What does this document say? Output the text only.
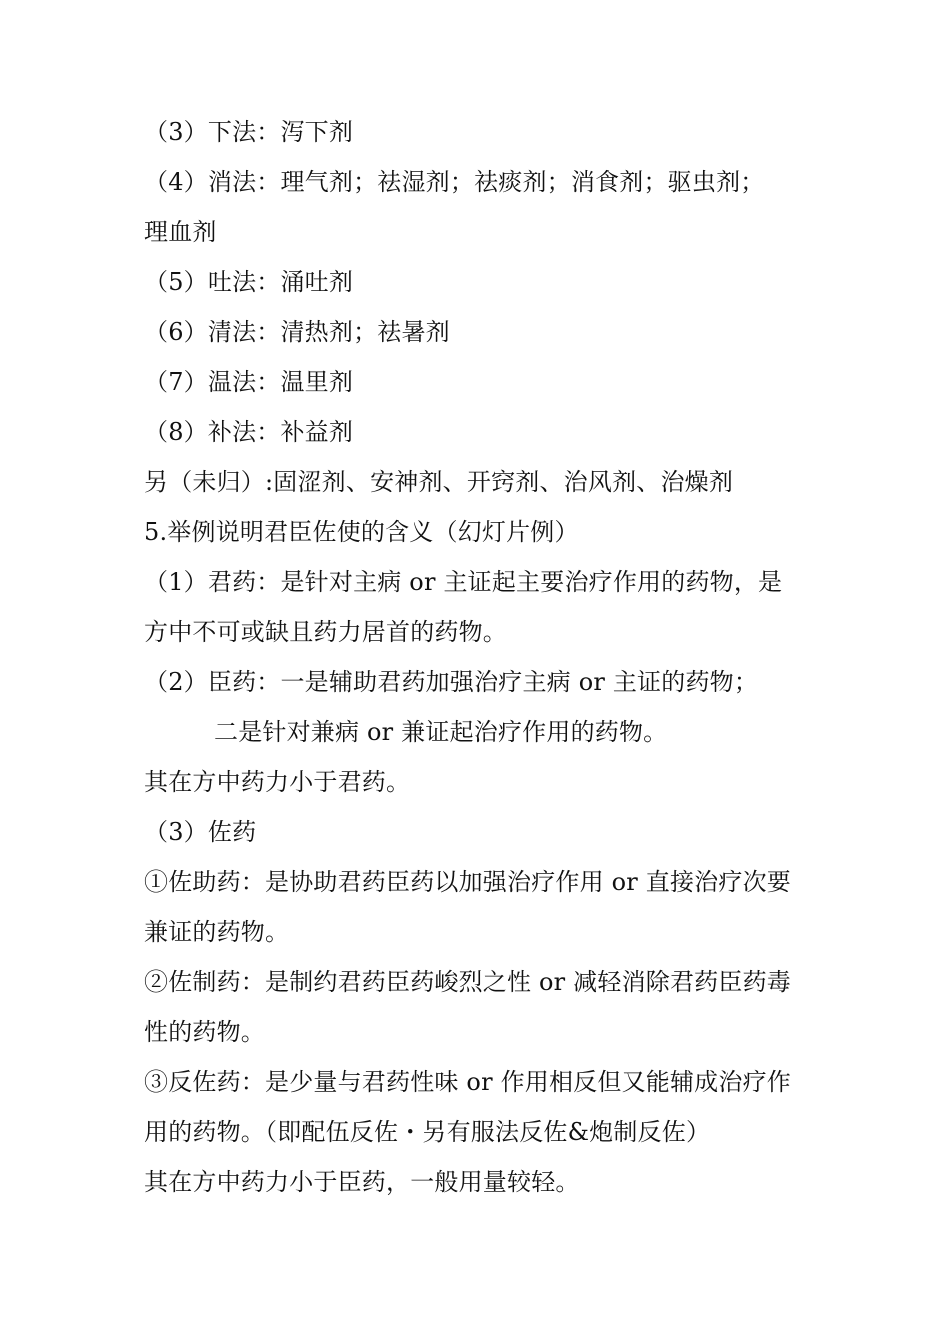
（3）下法：泻下剂
（4）消法：理气剂；祛湿剂；祛痰剂；消食剂；驱虫剂；
理血剂
（5）吐法：涌吐剂
（6）清法：清热剂；祛暑剂
（7）温法：温里剂
（8）补法：补益剂
另（未归）:固涩剂、安神剂、开窍剂、治风剂、治燥剂
5.举例说明君臣佐使的含义（幻灯片例）
（1）君药：是针对主病 or 主证起主要治疗作用的药物，是
方中不可或缺且药力居首的药物。
（2）臣药：一是辅助君药加强治疗主病 or 主证的药物；
二是针对兼病 or 兼证起治疗作用的药物。
其在方中药力小于君药。
（3）佐药
①佐助药：是协助君药臣药以加强治疗作用 or 直接治疗次要
兼证的药物。
②佐制药：是制约君药臣药峻烈之性 or 减轻消除君药臣药毒
性的药物。
③反佐药：是少量与君药性味 or 作用相反但又能辅成治疗作
用的药物。（即配伍反佐・另有服法反佐&炮制反佐）
其在方中药力小于臣药，一般用量较轻。
